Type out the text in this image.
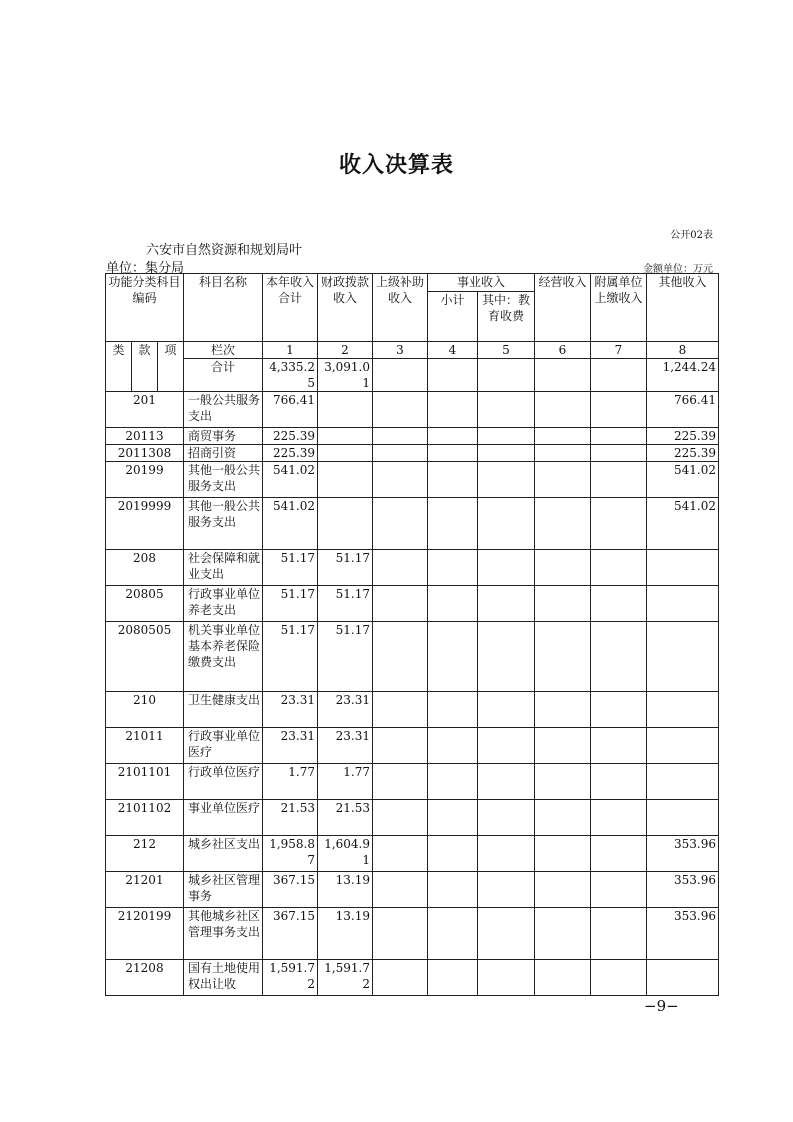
收入决算表
公开02表
六安市自然资源和规划局叶
单位：集分局	金额单位：万元
功能分类科目编码			科目名称	本年收入合计	财政拨款收入	上级补助收入	事业收入		经营收入	附属单位上缴收入	其他收入
							小计	其中：教育收费			
类	款	项	栏次	1	2	3	4	5	6	7	8
			合计	4,335.25	3,091.01						1,244.24
201			一般公共服务支出	766.41							766.41
20113			商贸事务	225.39							225.39
2011308			招商引资	225.39							225.39
20199			其他一般公共服务支出	541.02							541.02
2019999			其他一般公共服务支出	541.02							541.02
208			社会保障和就业支出	51.17	51.17						
20805			行政事业单位养老支出	51.17	51.17						
2080505			机关事业单位基本养老保险缴费支出	51.17	51.17						
210			卫生健康支出	23.31	23.31						
21011			行政事业单位医疗	23.31	23.31						
2101101			行政单位医疗	1.77	1.77						
2101102			事业单位医疗	21.53	21.53						
212			城乡社区支出	1,958.87	1,604.91						353.96
21201			城乡社区管理事务	367.15	13.19						353.96
2120199			其他城乡社区管理事务支出	367.15	13.19						353.96
21208			国有土地使用权出让收	1,591.72	1,591.72						
−9−
